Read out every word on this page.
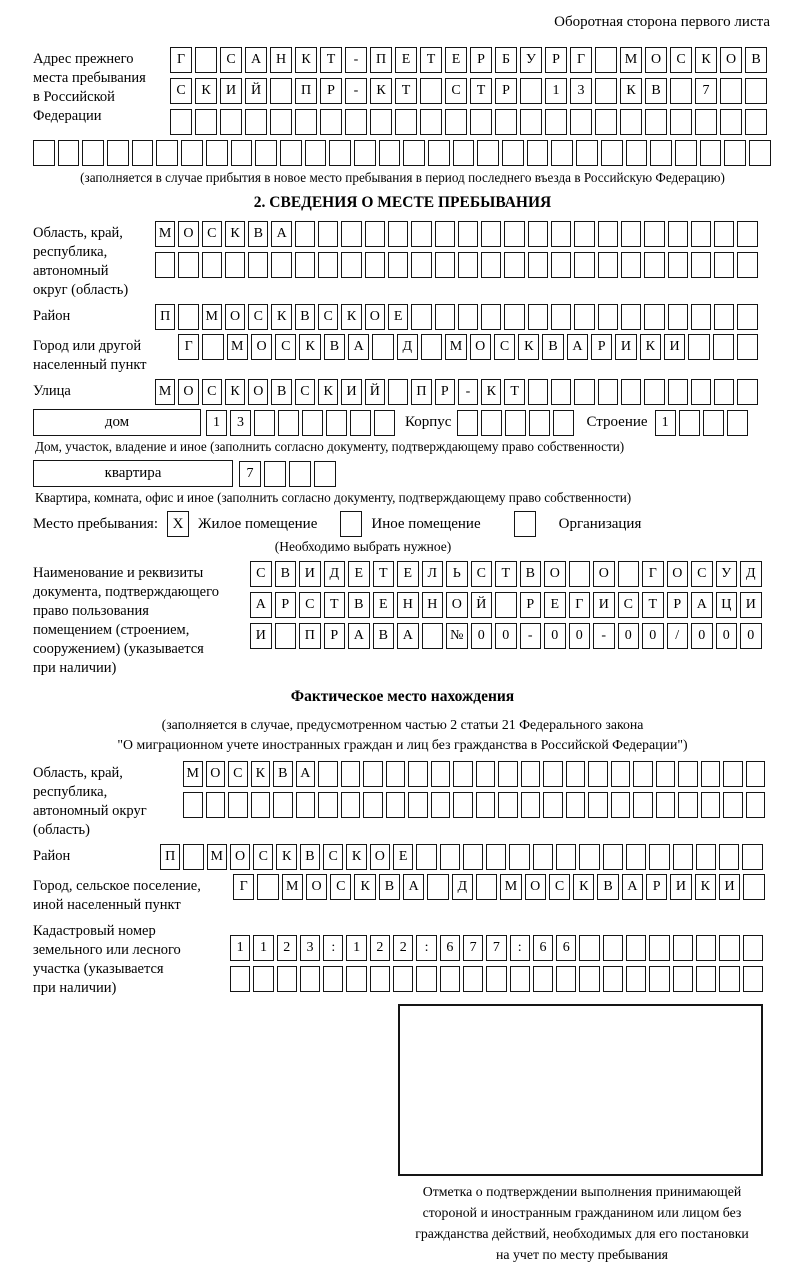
Оборотная сторона первого листа
Адрес прежнего
места пребывания
в Российской
Федерации
Г	С	А	Н	К	Т	-	П	Е	Т	Е	Р	Б	У	Р	Г	М О	С	К	О	В
С	К	И	Й	П	Р	-	К	Т	С	Т	Р	1	3	К	В	7
(заполняется в случае прибытия в новое место пребывания в период последнего въезда в Российскую Федерацию)
2. СВЕДЕНИЯ О МЕСТЕ ПРЕБЫВАНИЯ
Область, край,
республика,
автономный
округ (область)
М О С К В А
Район	П	М О С К В С К О Е
Город или другой
населенный пункт
Г	М О	С	К	В	А	Д	М О	С	К	В	А	Р	И	К	И
Улица	М О С К О В С К И Й	П	Р	-	К	Т
дом	1	3	Корпус	Строение	1
Дом, участок, владение и иное (заполнить согласно документу, подтверждающему право собственности)
квартира	7
Квартира, комната, офис и иное (заполнить согласно документу, подтверждающему право собственности)
Место пребывания: X Жилое помещение	Иное помещение	Организация
(Необходимо выбрать нужное)
Наименование и реквизиты
документа, подтверждающего
право пользования
помещением (строением,
сооружением) (указывается
при наличии)
С	В	И	Д	Е	Т	Е	Л	Ь	С	Т	В	О	О	Г	О	С	У	Д
А	Р	С	Т	В	Е	Н	Н	О	Й	Р	Е	Г	И	С	Т	Р	А	Ц	И
И	П	Р	А	В	А	№	0	0	-	0	0	-	0	0	/	0	0	0
Фактическое место нахождения
(заполняется в случае, предусмотренном частью 2 статьи 21 Федерального закона
"О миграционном учете иностранных граждан и лиц без гражданства в Российской Федерации")
Область, край,
республика,
автономный округ
(область)
М О С К В А
Район	П	М О С К В С К О Е
Город, сельское поселение,
иной населенный пункт
Г	М О	С	К	В	А	Д	М О	С	К	В	А	Р	И	К	И
Кадастровый номер
земельного или лесного
участка (указывается
при наличии)
1	1	2	3	:	1	2	2	:	6	7	7	:	6	6
Отметка о подтверждении выполнения принимающей
стороной и иностранным гражданином или лицом без
гражданства действий, необходимых для его постановки
на учет по месту пребывания
